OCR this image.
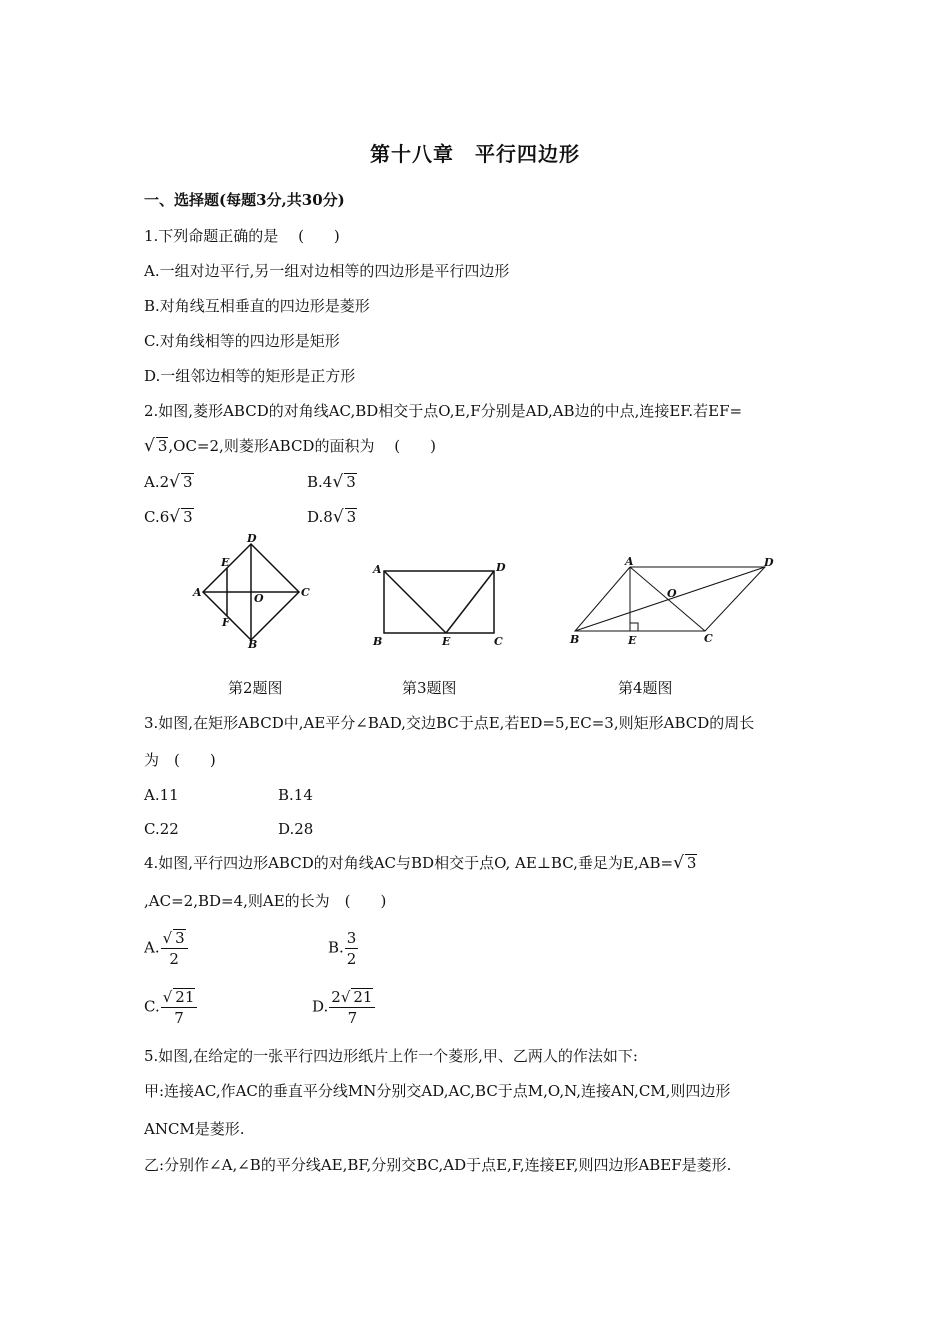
第十八章　平行四边形
一、选择题(每题3分,共30分)
1.下列命题正确的是　 (　　)
A.一组对边平行,另一组对边相等的四边形是平行四边形
B.对角线互相垂直的四边形是菱形
C.对角线相等的四边形是矩形
D.一组邻边相等的矩形是正方形
2.如图,菱形ABCD的对角线AC,BD相交于点O,E,F分别是AD,AB边的中点,连接EF.若EF=
√ 3,OC=2,则菱形ABCD的面积为　 (　　)
A.2√ 3	B.4√ 3
C.6√ 3	D.8√ 3
D
E
A	O	C
F
B
A	D
B	E	C
A	D
O
B	E	C
第2题图	第3题图	第4题图
3.如图,在矩形ABCD中,AE平分∠BAD,交边BC于点E,若ED=5,EC=3,则矩形ABCD的周长
为　(　　)
A.11	B.14
C.22	D.28
4.如图,平行四边形ABCD的对角线AC与BD相交于点O, AE⊥BC,垂足为E,AB=√ 3
,AC=2,BD=4,则AE的长为　(　　)
A. $\frac{√ 3}{2}$	B. $\frac{3}{2}$
C. $\frac{√ 21}{7}$	D. $\frac{2√ 21}{7}$
5.如图,在给定的一张平行四边形纸片上作一个菱形,甲、乙两人的作法如下:
甲:连接AC,作AC的垂直平分线MN分别交AD,AC,BC于点M,O,N,连接AN,CM,则四边形
ANCM是菱形.
乙:分别作∠A,∠B的平分线AE,BF,分别交BC,AD于点E,F,连接EF,则四边形ABEF是菱形.
